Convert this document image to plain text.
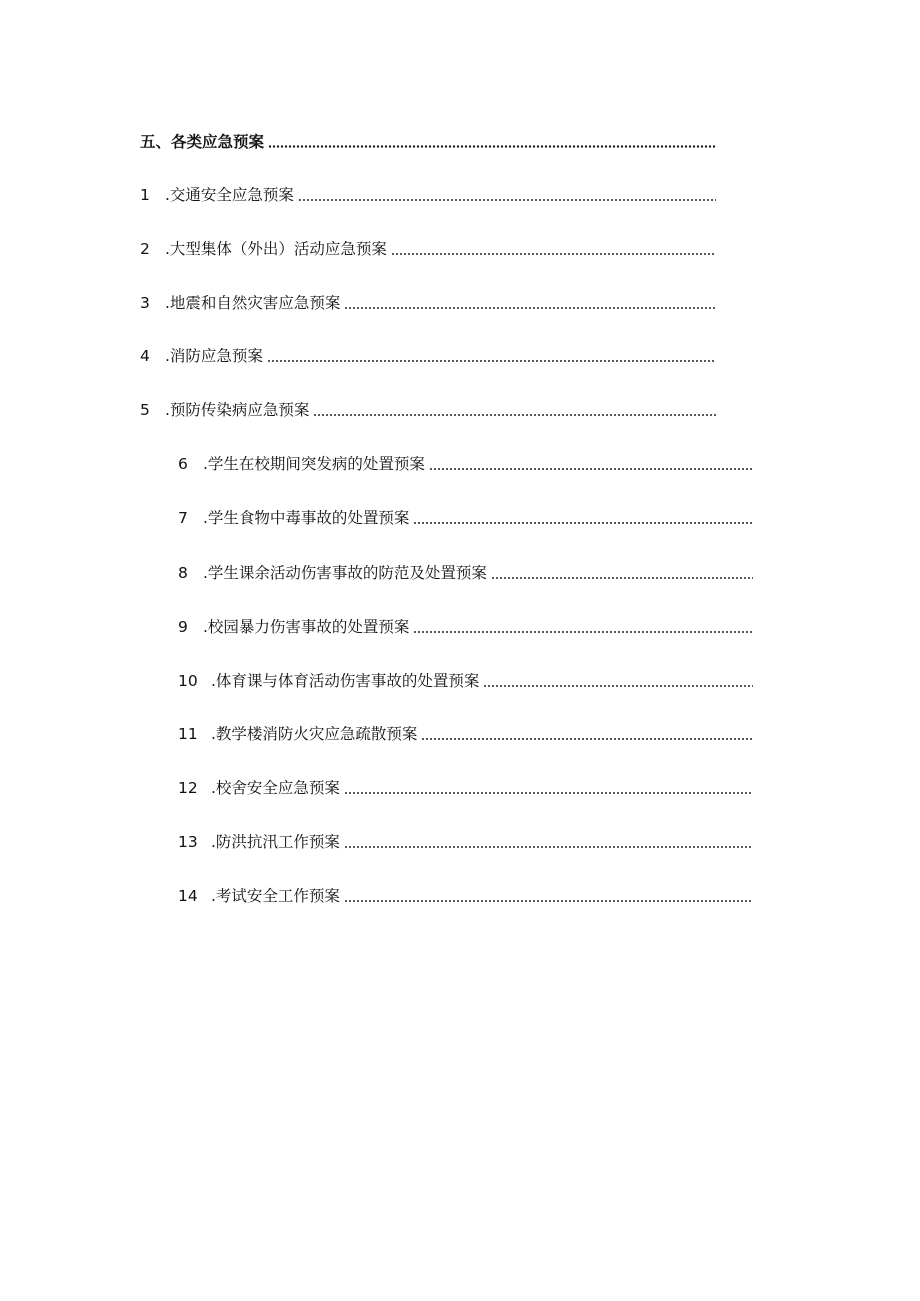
五、 各类应急预案
1 .交通安全应急预案
2 .大型集体（外出）活动应急预案
3 .地震和自然灾害应急预案
4 .消防应急预案
5 .预防传染病应急预案
6 .学生在校期间突发病的处置预案
7 .学生食物中毒事故的处置预案
8 .学生课余活动伤害事故的防范及处置预案
9 .校园暴力伤害事故的处置预案
10 .体育课与体育活动伤害事故的处置预案
11 .教学楼消防火灾应急疏散预案
12 .校舍安全应急预案
13 .防洪抗汛工作预案
14 .考试安全工作预案
